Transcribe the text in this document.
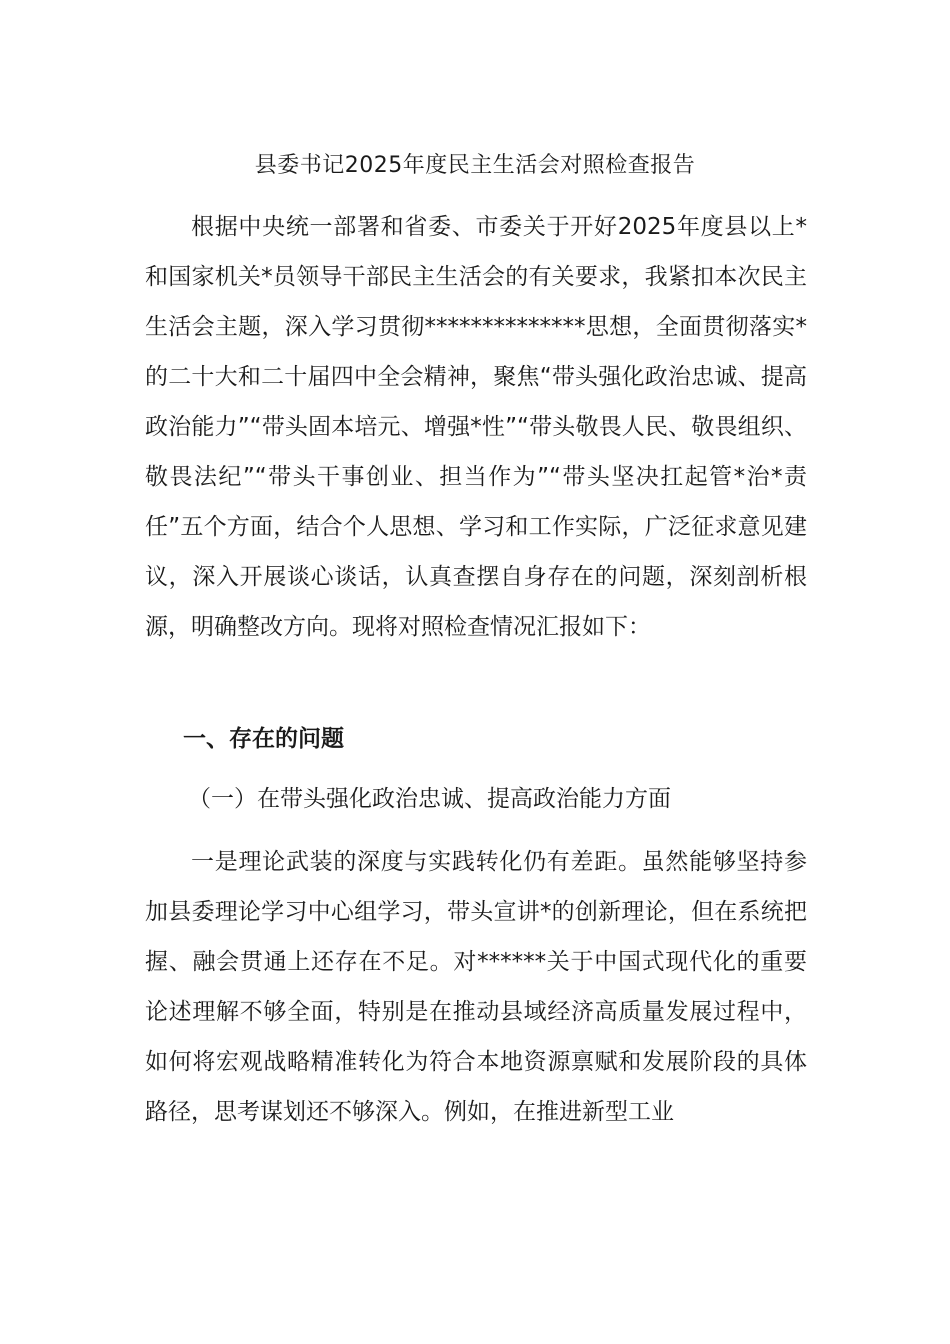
县委书记2025年度民主生活会对照检查报告

根据中央统一部署和省委、市委关于开好2025年度县以上*和国家机关*员领导干部民主生活会的有关要求，我紧扣本次民主生活会主题，深入学习贯彻**************思想，全面贯彻落实*的二十大和二十届四中全会精神，聚焦“带头强化政治忠诚、提高政治能力”“带头固本培元、增强*性”“带头敬畏人民、敬畏组织、敬畏法纪”“带头干事创业、担当作为”“带头坚决扛起管*治*责任”五个方面，结合个人思想、学习和工作实际，广泛征求意见建议，深入开展谈心谈话，认真查摆自身存在的问题，深刻剖析根源，明确整改方向。现将对照检查情况汇报如下：

一、存在的问题
（一）在带头强化政治忠诚、提高政治能力方面

一是理论武装的深度与实践转化仍有差距。虽然能够坚持参加县委理论学习中心组学习，带头宣讲*的创新理论，但在系统把握、融会贯通上还存在不足。对******关于中国式现代化的重要论述理解不够全面，特别是在推动县域经济高质量发展过程中，如何将宏观战略精准转化为符合本地资源禀赋和发展阶段的具体路径，思考谋划还不够深入。例如，在推进新型工业
